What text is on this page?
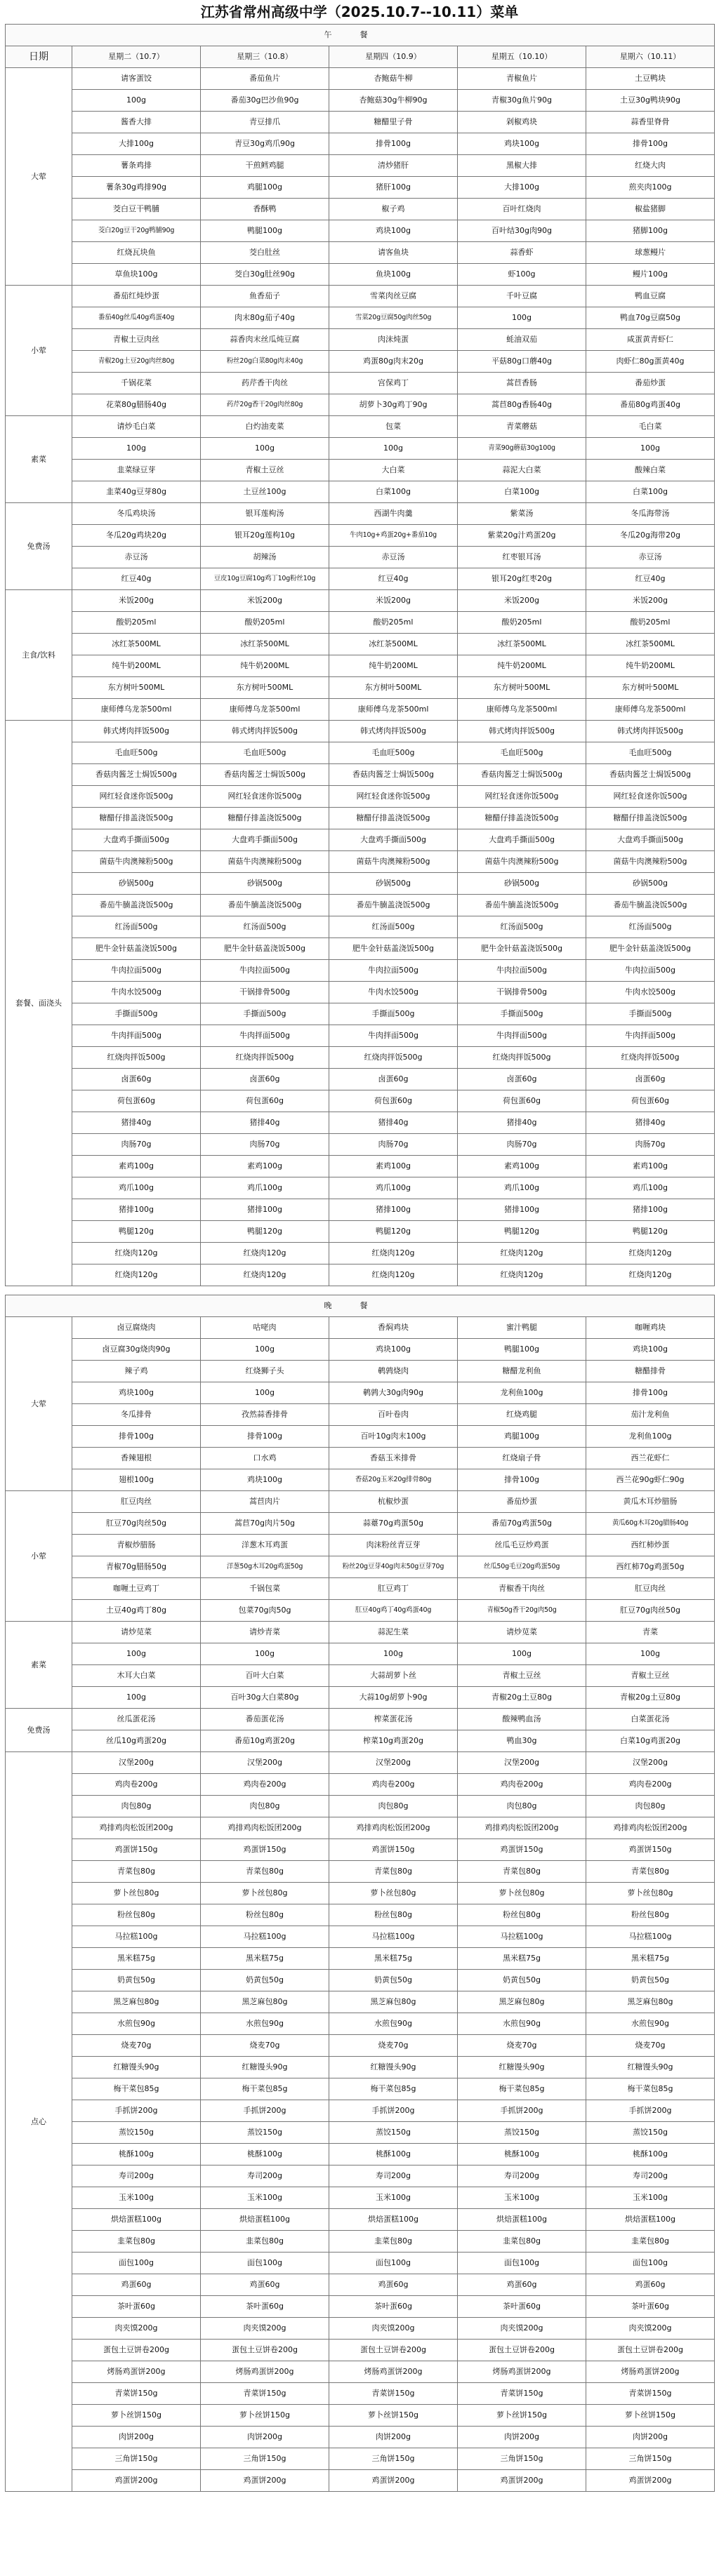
江苏省常州高级中学（2025.10.7--10.11）菜单
午餐					
日期	星期二（10.7）	星期三（10.8）	星期四（10.9）	星期五（10.10）	星期六（10.11）
大荤	请客蛋饺	番茄鱼片	杏鲍菇牛柳	青椒鱼片	土豆鸭块
	100g	番茄30g巴沙鱼90g	杏鲍菇30g牛柳90g	青椒30g鱼片90g	土豆30g鸭块90g
	酱香大排	青豆排爪	糖醋里子骨	剁椒鸡块	蒜香里脊骨
	大排100g	青豆30g鸡爪90g	排骨100g	鸡块100g	排骨100g
	薯条鸡排	干煎鳕鸡腿	清炒猪肝	黑椒大排	红烧大肉
	薯条30g鸡排90g	鸡腿100g	猪肝100g	大排100g	煎夹肉100g
	茭白豆干鸭脯	香酥鸭	椒子鸡	百叶红烧肉	椒盐猪脚
	茭白20g豆干20g鸭脯90g	鸭腿100g	鸡块100g	百叶结30g肉90g	猪脚100g
	红烧瓦块鱼	茭白肚丝	请客鱼块	蒜香虾	球葱鳗片
	草鱼块100g	茭白30g肚丝90g	鱼块100g	虾100g	鳗片100g
小荤	番茄红炖炒蛋	鱼香茄子	雪菜肉丝豆腐	千叶豆腐	鸭血豆腐
	番茄40g丝瓜40g鸡蛋40g	肉末80g茄子40g	雪菜20g豆腐50g肉丝50g	100g	鸭血70g豆腐50g
	青椒土豆肉丝	蒜香肉末丝瓜炖豆腐	肉沫炖蛋	蚝油双茄	咸蛋黄青虾仁
	青椒20g土豆20g肉丝80g	粉丝20g白菜80g肉末40g	鸡蛋80g肉末20g	平菇80g口蘑40g	肉虾仁80g蛋黄40g
	千锅花菜	药芹香干肉丝	宫保鸡丁	蒿苣香肠	番茄炒蛋
	花菜80g腊肠40g	药芹20g香干20g肉丝80g	胡萝卜30g鸡丁90g	蒿苣80g香肠40g	番茄80g鸡蛋40g
素菜	请炒毛白菜	白灼油麦菜	包菜	青菜蘑菇	毛白菜
	100g	100g	100g	青菜90g蘑菇30g100g	100g
	韭菜绿豆芽	青椒土豆丝	大白菜	蒜泥大白菜	酸辣白菜
	韭菜40g豆芽80g	土豆丝100g	白菜100g	白菜100g	白菜100g
免费汤	冬瓜鸡块汤	银耳莲枸汤	西湖牛肉羹	紫菜汤	冬瓜海带汤
	冬瓜20g鸡块20g	银耳20g莲枸10g	牛肉10g+鸡蛋20g+番茄10g	紫菜20g汁鸡蛋20g	冬瓜20g海带20g
	赤豆汤	胡辣汤	赤豆汤	红枣银耳汤	赤豆汤
	红豆40g	豆皮10g豆腐10g鸡丁10g粉丝10g	红豆40g	银耳20g红枣20g	红豆40g
主食/饮料	米饭200g	米饭200g	米饭200g	米饭200g	米饭200g
	酸奶205ml	酸奶205ml	酸奶205ml	酸奶205ml	酸奶205ml
	冰红茶500ML	冰红茶500ML	冰红茶500ML	冰红茶500ML	冰红茶500ML
	纯牛奶200ML	纯牛奶200ML	纯牛奶200ML	纯牛奶200ML	纯牛奶200ML
	东方树叶500ML	东方树叶500ML	东方树叶500ML	东方树叶500ML	东方树叶500ML
	康师傅乌龙茶500ml	康师傅乌龙茶500ml	康师傅乌龙茶500ml	康师傅乌龙茶500ml	康师傅乌龙茶500ml
套餐、面浇头	韩式烤肉拌饭500g	韩式烤肉拌饭500g	韩式烤肉拌饭500g	韩式烤肉拌饭500g	韩式烤肉拌饭500g
	毛血旺500g	毛血旺500g	毛血旺500g	毛血旺500g	毛血旺500g
	香菇肉酱芝士焗饭500g	香菇肉酱芝士焗饭500g	香菇肉酱芝士焗饭500g	香菇肉酱芝士焗饭500g	香菇肉酱芝士焗饭500g
	网红轻食迷你饭500g	网红轻食迷你饭500g	网红轻食迷你饭500g	网红轻食迷你饭500g	网红轻食迷你饭500g
	糖醋仔排盖浇饭500g	糖醋仔排盖浇饭500g	糖醋仔排盖浇饭500g	糖醋仔排盖浇饭500g	糖醋仔排盖浇饭500g
	大盘鸡手撕面500g	大盘鸡手撕面500g	大盘鸡手撕面500g	大盘鸡手撕面500g	大盘鸡手撕面500g
	菌菇牛肉澳辣粉500g	菌菇牛肉澳辣粉500g	菌菇牛肉澳辣粉500g	菌菇牛肉澳辣粉500g	菌菇牛肉澳辣粉500g
	砂锅500g	砂锅500g	砂锅500g	砂锅500g	砂锅500g
	番茄牛腩盖浇饭500g	番茄牛腩盖浇饭500g	番茄牛腩盖浇饭500g	番茄牛腩盖浇饭500g	番茄牛腩盖浇饭500g
	红汤面500g	红汤面500g	红汤面500g	红汤面500g	红汤面500g
	肥牛金针菇盖浇饭500g	肥牛金针菇盖浇饭500g	肥牛金针菇盖浇饭500g	肥牛金针菇盖浇饭500g	肥牛金针菇盖浇饭500g
	牛肉拉面500g	牛肉拉面500g	牛肉拉面500g	牛肉拉面500g	牛肉拉面500g
	牛肉水饺500g	干锅排骨500g	牛肉水饺500g	干锅排骨500g	牛肉水饺500g
	手撕面500g	手撕面500g	手撕面500g	手撕面500g	手撕面500g
	牛肉拌面500g	牛肉拌面500g	牛肉拌面500g	牛肉拌面500g	牛肉拌面500g
	红烧肉拌饭500g	红烧肉拌饭500g	红烧肉拌饭500g	红烧肉拌饭500g	红烧肉拌饭500g
	卤蛋60g	卤蛋60g	卤蛋60g	卤蛋60g	卤蛋60g
	荷包蛋60g	荷包蛋60g	荷包蛋60g	荷包蛋60g	荷包蛋60g
	猪排40g	猪排40g	猪排40g	猪排40g	猪排40g
	肉肠70g	肉肠70g	肉肠70g	肉肠70g	肉肠70g
	素鸡100g	素鸡100g	素鸡100g	素鸡100g	素鸡100g
	鸡爪100g	鸡爪100g	鸡爪100g	鸡爪100g	鸡爪100g
	猪排100g	猪排100g	猪排100g	猪排100g	猪排100g
	鸭腿120g	鸭腿120g	鸭腿120g	鸭腿120g	鸭腿120g
	红烧肉120g	红烧肉120g	红烧肉120g	红烧肉120g	红烧肉120g
	红烧肉120g	红烧肉120g	红烧肉120g	红烧肉120g	红烧肉120g

晚餐					
大荤	卤豆腐烧肉	咕咾肉	香焖鸡块	蜜汁鸭腿	咖喱鸡块
	卤豆腐30g烧肉90g	100g	鸡块100g	鸭腿100g	鸡块100g
	辣子鸡	红烧狮子头	鹌鹑烧肉	糖醋龙利鱼	糖醋排骨
	鸡块100g	100g	鹌鹑大30g肉90g	龙利鱼100g	排骨100g
	冬瓜排骨	孜然蒜香排骨	百叶卷肉	红烧鸡腿	茄汁龙利鱼
	排骨100g	排骨100g	百叶10g肉末100g	鸡腿100g	龙利鱼100g
	香辣翅根	口水鸡	香菇玉米排骨	红烧扇子骨	西兰花虾仁
	翅根100g	鸡块100g	香菇20g玉米20g排骨80g	排骨100g	西兰花90g虾仁90g
小荤	肛豆肉丝	蒿苣肉片	杭椒炒蛋	番茄炒蛋	黄瓜木耳炒腊肠
	肛豆70g肉丝50g	蒿苣70g肉片50g	蒜薹70g鸡蛋50g	番茄70g鸡蛋50g	黄瓜60g木耳20g腊肠40g
	青椒炒腊肠	洋葱木耳鸡蛋	肉沫粉丝青豆芽	丝瓜毛豆炒鸡蛋	西红柿炒蛋
	青椒70g腊肠50g	洋葱50g木耳20g鸡蛋50g	粉丝20g豆芽40g肉末50g豆芽70g	丝瓜50g毛豆20g鸡蛋50g	西红柿70g鸡蛋50g
	咖喱土豆鸡丁	千锅包菜	肛豆鸡丁	青椒香干肉丝	肛豆肉丝
	土豆40g鸡丁80g	包菜70g肉50g	肛豆40g鸡丁40g鸡蛋40g	青椒50g香干20g肉50g	肛豆70g肉丝50g
素菜	请炒苋菜	请炒青菜	蒜泥生菜	请炒苋菜	青菜
	100g	100g	100g	100g	100g
	木耳大白菜	百叶大白菜	大蒜胡萝卜丝	青椒土豆丝	青椒土豆丝
	100g	百叶30g大白菜80g	大蒜10g胡萝卜90g	青椒20g土豆80g	青椒20g土豆80g
免费汤	丝瓜蛋花汤	番茄蛋花汤	榨菜蛋花汤	酸辣鸭血汤	白菜蛋花汤
	丝瓜10g鸡蛋20g	番茄10g鸡蛋20g	榨菜10g鸡蛋20g	鸭血30g	白菜10g鸡蛋20g
点心	汉堡200g	汉堡200g	汉堡200g	汉堡200g	汉堡200g
	鸡肉卷200g	鸡肉卷200g	鸡肉卷200g	鸡肉卷200g	鸡肉卷200g
	肉包80g	肉包80g	肉包80g	肉包80g	肉包80g
	鸡排鸡肉松饭团200g	鸡排鸡肉松饭团200g	鸡排鸡肉松饭团200g	鸡排鸡肉松饭团200g	鸡排鸡肉松饭团200g
	鸡蛋饼150g	鸡蛋饼150g	鸡蛋饼150g	鸡蛋饼150g	鸡蛋饼150g
	青菜包80g	青菜包80g	青菜包80g	青菜包80g	青菜包80g
	萝卜丝包80g	萝卜丝包80g	萝卜丝包80g	萝卜丝包80g	萝卜丝包80g
	粉丝包80g	粉丝包80g	粉丝包80g	粉丝包80g	粉丝包80g
	马拉糕100g	马拉糕100g	马拉糕100g	马拉糕100g	马拉糕100g
	黑米糕75g	黑米糕75g	黑米糕75g	黑米糕75g	黑米糕75g
	奶黄包50g	奶黄包50g	奶黄包50g	奶黄包50g	奶黄包50g
	黑芝麻包80g	黑芝麻包80g	黑芝麻包80g	黑芝麻包80g	黑芝麻包80g
	水煎包90g	水煎包90g	水煎包90g	水煎包90g	水煎包90g
	烧麦70g	烧麦70g	烧麦70g	烧麦70g	烧麦70g
	红糖馒头90g	红糖馒头90g	红糖馒头90g	红糖馒头90g	红糖馒头90g
	梅干菜包85g	梅干菜包85g	梅干菜包85g	梅干菜包85g	梅干菜包85g
	手抓饼200g	手抓饼200g	手抓饼200g	手抓饼200g	手抓饼200g
	蒸饺150g	蒸饺150g	蒸饺150g	蒸饺150g	蒸饺150g
	桃酥100g	桃酥100g	桃酥100g	桃酥100g	桃酥100g
	寿司200g	寿司200g	寿司200g	寿司200g	寿司200g
	玉米100g	玉米100g	玉米100g	玉米100g	玉米100g
	烘焙蛋糕100g	烘焙蛋糕100g	烘焙蛋糕100g	烘焙蛋糕100g	烘焙蛋糕100g
	韭菜包80g	韭菜包80g	韭菜包80g	韭菜包80g	韭菜包80g
	面包100g	面包100g	面包100g	面包100g	面包100g
	鸡蛋60g	鸡蛋60g	鸡蛋60g	鸡蛋60g	鸡蛋60g
	茶叶蛋60g	茶叶蛋60g	茶叶蛋60g	茶叶蛋60g	茶叶蛋60g
	肉夹馍200g	肉夹馍200g	肉夹馍200g	肉夹馍200g	肉夹馍200g
	蛋包土豆饼卷200g	蛋包土豆饼卷200g	蛋包土豆饼卷200g	蛋包土豆饼卷200g	蛋包土豆饼卷200g
	烤肠鸡蛋饼200g	烤肠鸡蛋饼200g	烤肠鸡蛋饼200g	烤肠鸡蛋饼200g	烤肠鸡蛋饼200g
	青菜饼150g	青菜饼150g	青菜饼150g	青菜饼150g	青菜饼150g
	萝卜丝饼150g	萝卜丝饼150g	萝卜丝饼150g	萝卜丝饼150g	萝卜丝饼150g
	肉饼200g	肉饼200g	肉饼200g	肉饼200g	肉饼200g
	三角饼150g	三角饼150g	三角饼150g	三角饼150g	三角饼150g
	鸡蛋饼200g	鸡蛋饼200g	鸡蛋饼200g	鸡蛋饼200g	鸡蛋饼200g
